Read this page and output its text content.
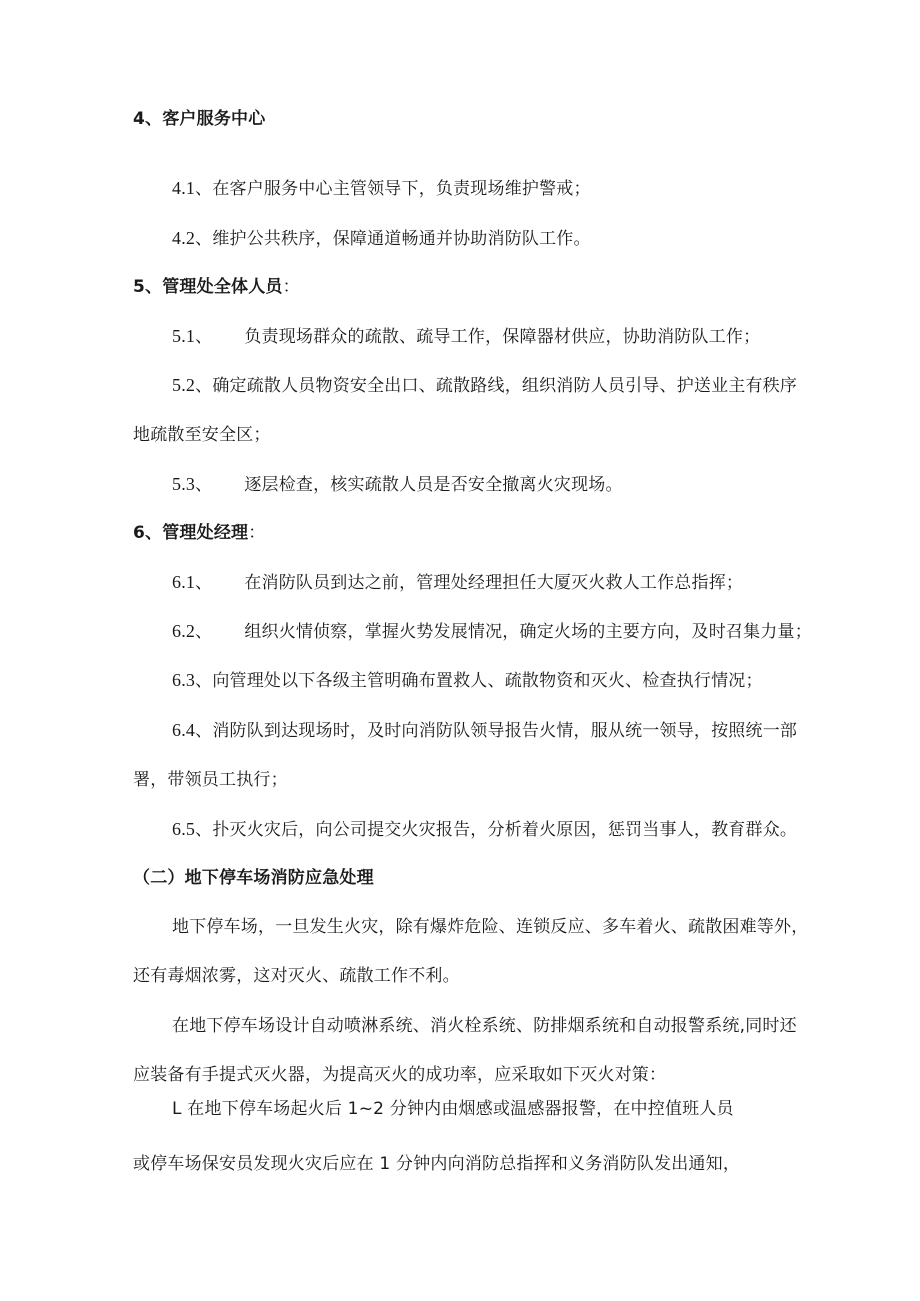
4、客户服务中心
4.1、在客户服务中心主管领导下，负责现场维护警戒；
4.2、维护公共秩序，保障通道畅通并协助消防队工作。
5、管理处全体人员：
5.1、 负责现场群众的疏散、疏导工作，保障器材供应，协助消防队工作；
5.2、确定疏散人员物资安全出口、疏散路线，组织消防人员引导、护送业主有秩序
地疏散至安全区；
5.3、 逐层检查，核实疏散人员是否安全撤离火灾现场。
6、管理处经理：
6.1、 在消防队员到达之前，管理处经理担任大厦灭火救人工作总指挥；
6.2、 组织火情侦察，掌握火势发展情况，确定火场的主要方向，及时召集力量；
6.3、向管理处以下各级主管明确布置救人、疏散物资和灭火、检查执行情况；
6.4、消防队到达现场时，及时向消防队领导报告火情，服从统一领导，按照统一部
署，带领员工执行；
6.5、扑灭火灾后，向公司提交火灾报告，分析着火原因，惩罚当事人，教育群众。
（二）地下停车场消防应急处理
地下停车场，一旦发生火灾，除有爆炸危险、连锁反应、多车着火、疏散困难等外，
还有毒烟浓雾，这对灭火、疏散工作不利。
在地下停车场设计自动喷淋系统、消火栓系统、防排烟系统和自动报警系统,同时还
应装备有手提式灭火器，为提高灭火的成功率，应采取如下灭火对策：
L 在地下停车场起火后 1~2 分钟内由烟感或温感器报警，在中控值班人员
或停车场保安员发现火灾后应在 1 分钟内向消防总指挥和义务消防队发出通知，
